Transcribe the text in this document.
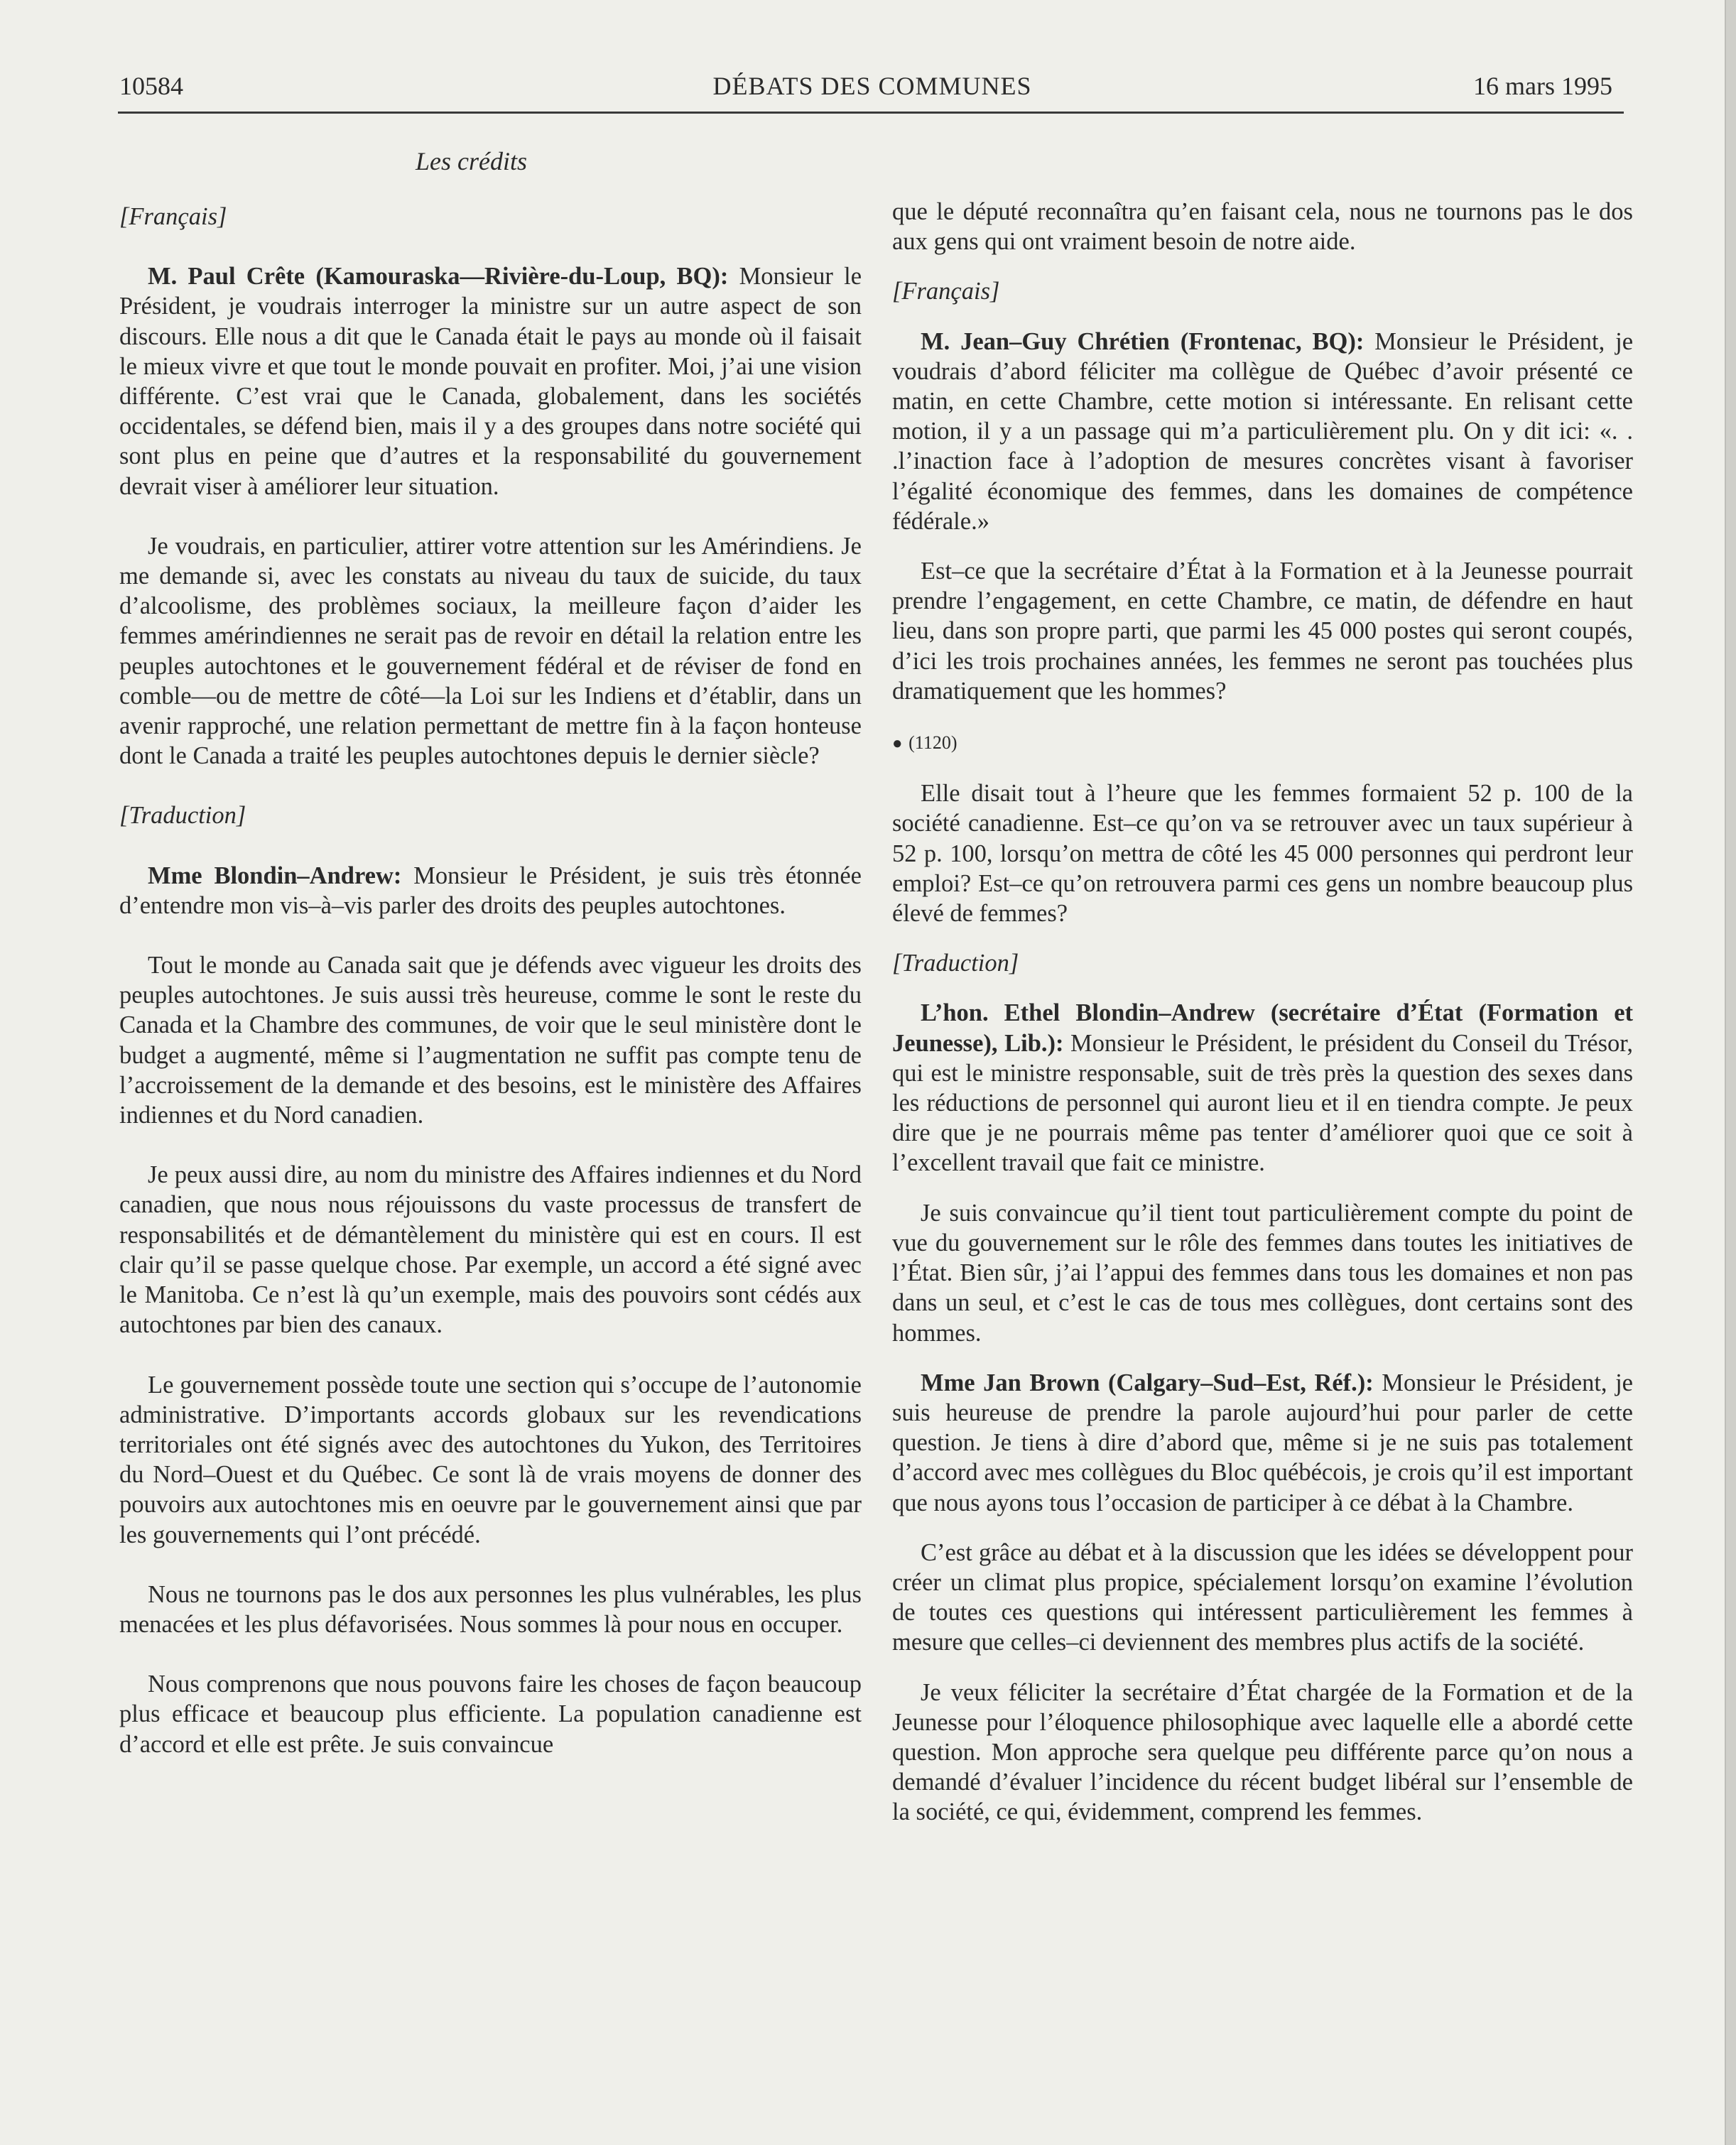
10584	DÉBATS DES COMMUNES	16 mars 1995
Les crédits

[Français]

M. Paul Crête (Kamouraska—Rivière-du-Loup, BQ): Monsieur le Président, je voudrais interroger la ministre sur un autre aspect de son discours. Elle nous a dit que le Canada était le pays au monde où il faisait le mieux vivre et que tout le monde pouvait en profiter. Moi, j’ai une vision différente. C’est vrai que le Canada, globalement, dans les sociétés occidentales, se défend bien, mais il y a des groupes dans notre société qui sont plus en peine que d’autres et la responsabilité du gouvernement devrait viser à améliorer leur situation.

Je voudrais, en particulier, attirer votre attention sur les Amérindiens. Je me demande si, avec les constats au niveau du taux de suicide, du taux d’alcoolisme, des problèmes sociaux, la meilleure façon d’aider les femmes amérindiennes ne serait pas de revoir en détail la relation entre les peuples autochtones et le gouvernement fédéral et de réviser de fond en comble—ou de mettre de côté—la Loi sur les Indiens et d’établir, dans un avenir rapproché, une relation permettant de mettre fin à la façon honteuse dont le Canada a traité les peuples autochtones depuis le dernier siècle?

[Traduction]

Mme Blondin–Andrew: Monsieur le Président, je suis très étonnée d’entendre mon vis–à–vis parler des droits des peuples autochtones.

Tout le monde au Canada sait que je défends avec vigueur les droits des peuples autochtones. Je suis aussi très heureuse, comme le sont le reste du Canada et la Chambre des communes, de voir que le seul ministère dont le budget a augmenté, même si l’augmentation ne suffit pas compte tenu de l’accroissement de la demande et des besoins, est le ministère des Affaires indiennes et du Nord canadien.

Je peux aussi dire, au nom du ministre des Affaires indiennes et du Nord canadien, que nous nous réjouissons du vaste processus de transfert de responsabilités et de démantèlement du ministère qui est en cours. Il est clair qu’il se passe quelque chose. Par exemple, un accord a été signé avec le Manitoba. Ce n’est là qu’un exemple, mais des pouvoirs sont cédés aux autochtones par bien des canaux.

Le gouvernement possède toute une section qui s’occupe de l’autonomie administrative. D’importants accords globaux sur les revendications territoriales ont été signés avec des autochtones du Yukon, des Territoires du Nord–Ouest et du Québec. Ce sont là de vrais moyens de donner des pouvoirs aux autochtones mis en oeuvre par le gouvernement ainsi que par les gouvernements qui l’ont précédé.

Nous ne tournons pas le dos aux personnes les plus vulnérables, les plus menacées et les plus défavorisées. Nous sommes là pour nous en occuper.

Nous comprenons que nous pouvons faire les choses de façon beaucoup plus efficace et beaucoup plus efficiente. La population canadienne est d’accord et elle est prête. Je suis convaincue

que le député reconnaîtra qu’en faisant cela, nous ne tournons pas le dos aux gens qui ont vraiment besoin de notre aide.

[Français]

M. Jean–Guy Chrétien (Frontenac, BQ): Monsieur le Président, je voudrais d’abord féliciter ma collègue de Québec d’avoir présenté ce matin, en cette Chambre, cette motion si intéressante. En relisant cette motion, il y a un passage qui m’a particulièrement plu. On y dit ici: «. . .l’inaction face à l’adoption de mesures concrètes visant à favoriser l’égalité économique des femmes, dans les domaines de compétence fédérale.»

Est–ce que la secrétaire d’État à la Formation et à la Jeunesse pourrait prendre l’engagement, en cette Chambre, ce matin, de défendre en haut lieu, dans son propre parti, que parmi les 45 000 postes qui seront coupés, d’ici les trois prochaines années, les femmes ne seront pas touchées plus dramatiquement que les hommes?

● (1120)

Elle disait tout à l’heure que les femmes formaient 52 p. 100 de la société canadienne. Est–ce qu’on va se retrouver avec un taux supérieur à 52 p. 100, lorsqu’on mettra de côté les 45 000 personnes qui perdront leur emploi? Est–ce qu’on retrouvera parmi ces gens un nombre beaucoup plus élevé de femmes?

[Traduction]

L’hon. Ethel Blondin–Andrew (secrétaire d’État (Formation et Jeunesse), Lib.): Monsieur le Président, le président du Conseil du Trésor, qui est le ministre responsable, suit de très près la question des sexes dans les réductions de personnel qui auront lieu et il en tiendra compte. Je peux dire que je ne pourrais même pas tenter d’améliorer quoi que ce soit à l’excellent travail que fait ce ministre.

Je suis convaincue qu’il tient tout particulièrement compte du point de vue du gouvernement sur le rôle des femmes dans toutes les initiatives de l’État. Bien sûr, j’ai l’appui des femmes dans tous les domaines et non pas dans un seul, et c’est le cas de tous mes collègues, dont certains sont des hommes.

Mme Jan Brown (Calgary–Sud–Est, Réf.): Monsieur le Président, je suis heureuse de prendre la parole aujourd’hui pour parler de cette question. Je tiens à dire d’abord que, même si je ne suis pas totalement d’accord avec mes collègues du Bloc québécois, je crois qu’il est important que nous ayons tous l’occasion de participer à ce débat à la Chambre.

C’est grâce au débat et à la discussion que les idées se développent pour créer un climat plus propice, spécialement lorsqu’on examine l’évolution de toutes ces questions qui intéressent particulièrement les femmes à mesure que celles–ci deviennent des membres plus actifs de la société.

Je veux féliciter la secrétaire d’État chargée de la Formation et de la Jeunesse pour l’éloquence philosophique avec laquelle elle a abordé cette question. Mon approche sera quelque peu différente parce qu’on nous a demandé d’évaluer l’incidence du récent budget libéral sur l’ensemble de la société, ce qui, évidemment, comprend les femmes.
